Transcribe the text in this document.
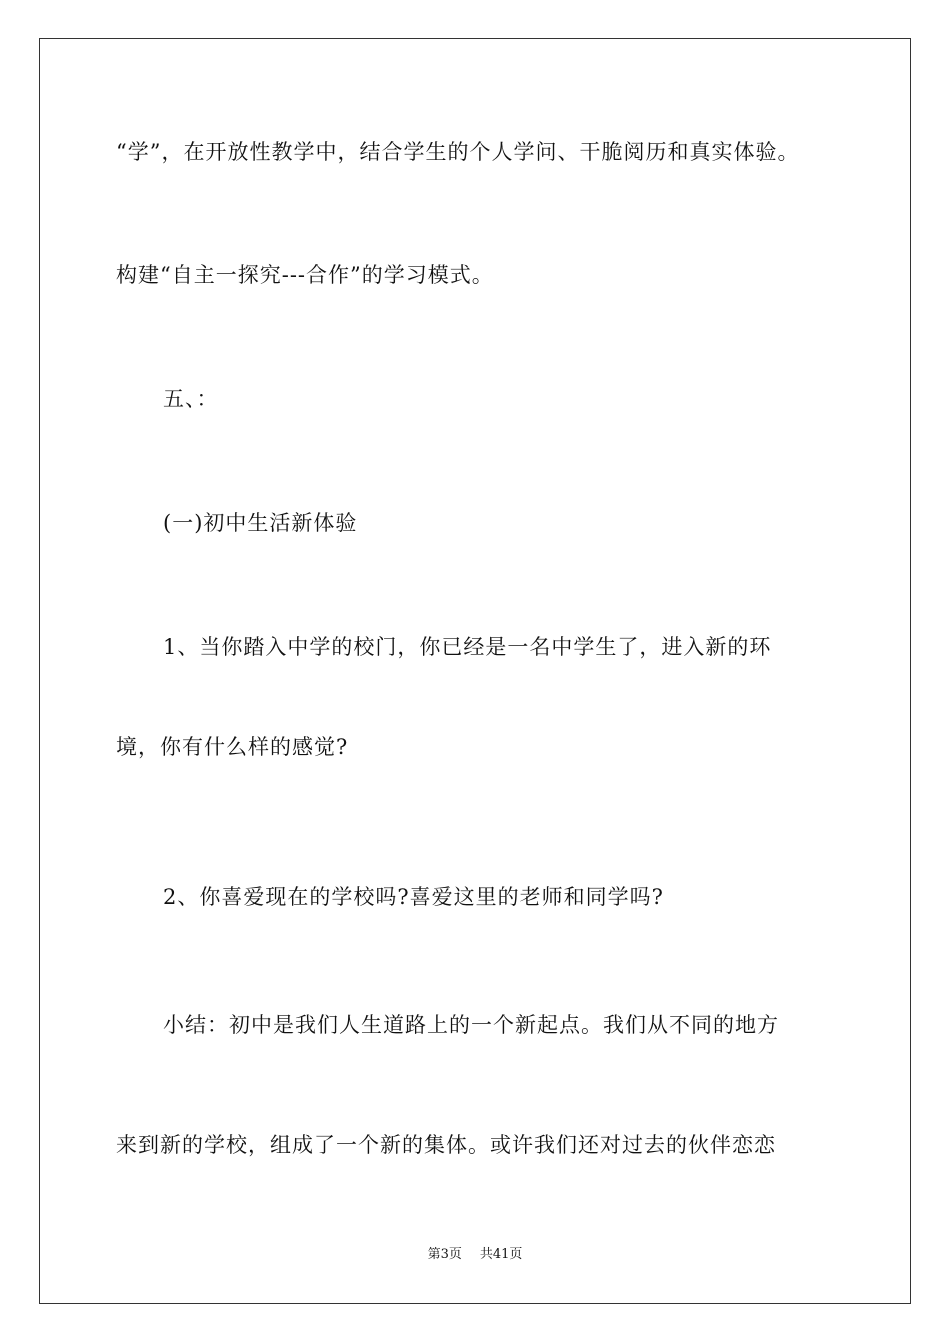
“学”，在开放性教学中，结合学生的个人学问、干脆阅历和真实体验。
构建“自主一探究---合作”的学习模式。
五、：
(一)初中生活新体验
1、当你踏入中学的校门，你已经是一名中学生了，进入新的环
境，你有什么样的感觉?
2、你喜爱现在的学校吗?喜爱这里的老师和同学吗?
小结：初中是我们人生道路上的一个新起点。我们从不同的地方
来到新的学校，组成了一个新的集体。或许我们还对过去的伙伴恋恋
第3页 共41页
